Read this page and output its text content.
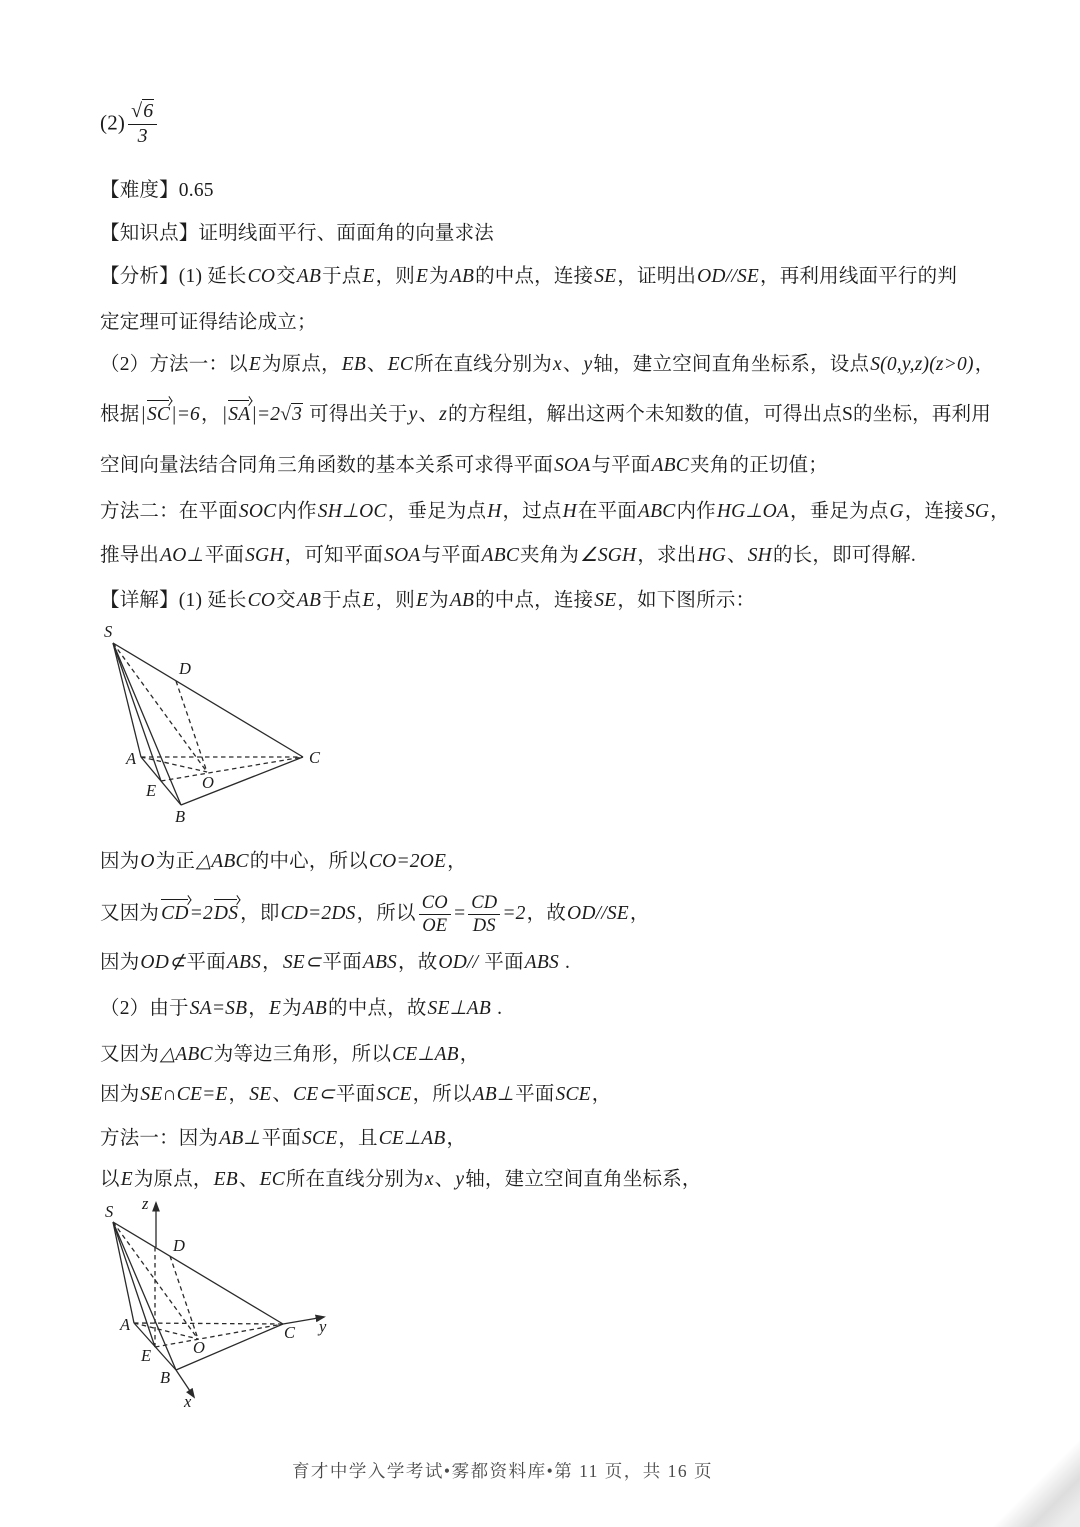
$(2) \frac{√6}{3}$
【难度】0.65
【知识点】证明线面平行、面面角的向量求法
【分析】(1) 延长CO交AB于点E，则E为AB的中点，连接SE，证明出OD//SE，再利用线面平行的判
定定理可证得结论成立；
（2）方法一：以E为原点，EB、EC所在直线分别为x、y轴，建立空间直角坐标系，设点S(0,y,z)(z>0)，
根据|SC|=6，|SA|=2√3 可得出关于y、z的方程组，解出这两个未知数的值，可得出点S的坐标，再利用
空间向量法结合同角三角函数的基本关系可求得平面SOA与平面ABC夹角的正切值；
方法二：在平面SOC内作SH⊥OC，垂足为点H，过点H在平面ABC内作HG⊥OA，垂足为点G，连接SG，
推导出AO⊥平面SGH，可知平面SOA与平面ABC夹角为∠SGH，求出HG、SH的长，即可得解.
【详解】(1) 延长CO交AB于点E，则E为AB的中点，连接SE，如下图所示：
S
D
A	C
E	O
B
因为O为正△ABC的中心，所以CO=2OE，
又因为 CD=2DS ，即CD=2DS，所以 $\frac{CO}{OE} = \frac{CD}{DS} =2$，故OD//SE，
因为OD⊄平面ABS，SE⊂平面ABS，故OD// 平面ABS .
（2）由于SA=SB，E为AB的中点，故SE⊥AB .
又因为△ABC为等边三角形，所以CE⊥AB，
因为SE∩CE=E，SE、CE⊂平面SCE，所以AB⊥平面SCE，
方法一：因为AB⊥平面SCE，且CE⊥AB，
以E为原点，EB、EC所在直线分别为x、y轴，建立空间直角坐标系，
S z
D
A	C y
E	O
B
x
育才中学入学考试•雾都资料库•第 11 页，共 16 页
